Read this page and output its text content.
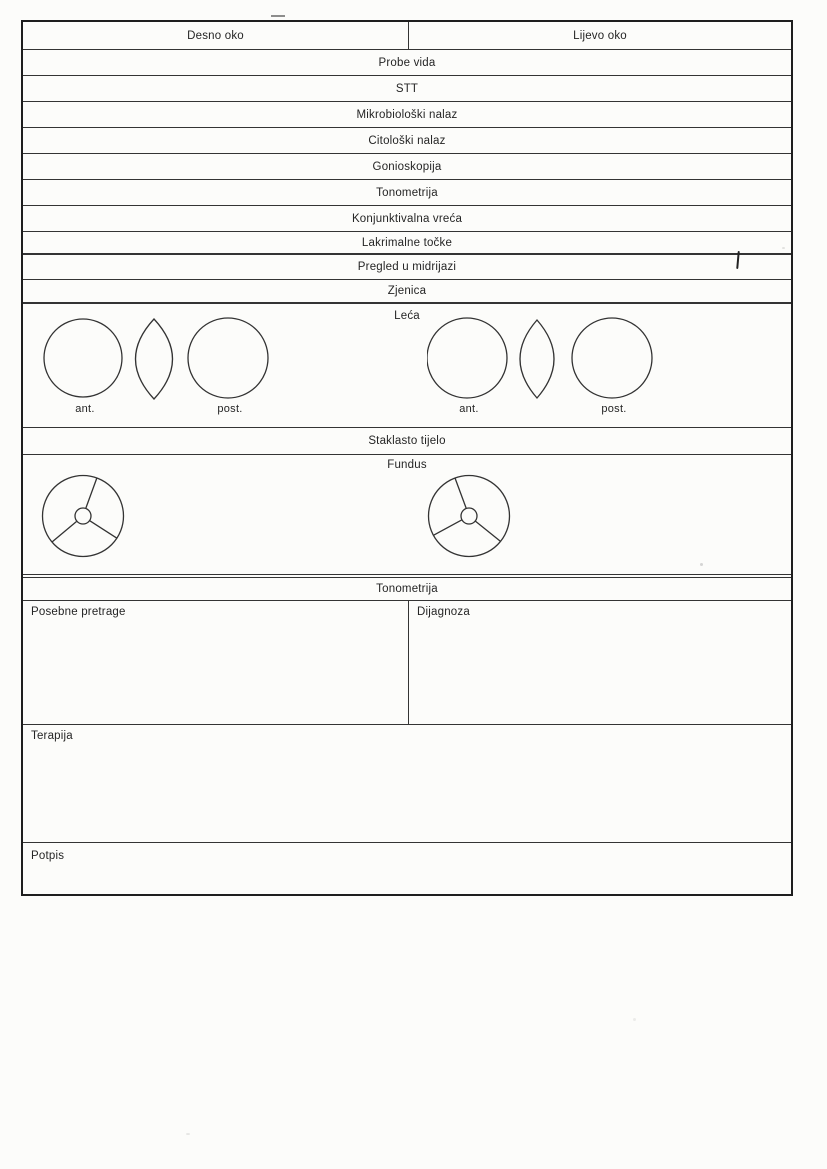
Desno oko	Lijevo oko
Probe vida
STT
Mikrobiološki nalaz
Citološki nalaz
Gonioskopija
Tonometrija
Konjunktivalna vreća
Lakrimalne točke
Pregled u midrijazi
Zjenica
Leća
ant.	post.	ant.	post.
Staklasto tijelo
Fundus
Tonometrija
Posebne pretrage	Dijagnoza
Terapija
Potpis
